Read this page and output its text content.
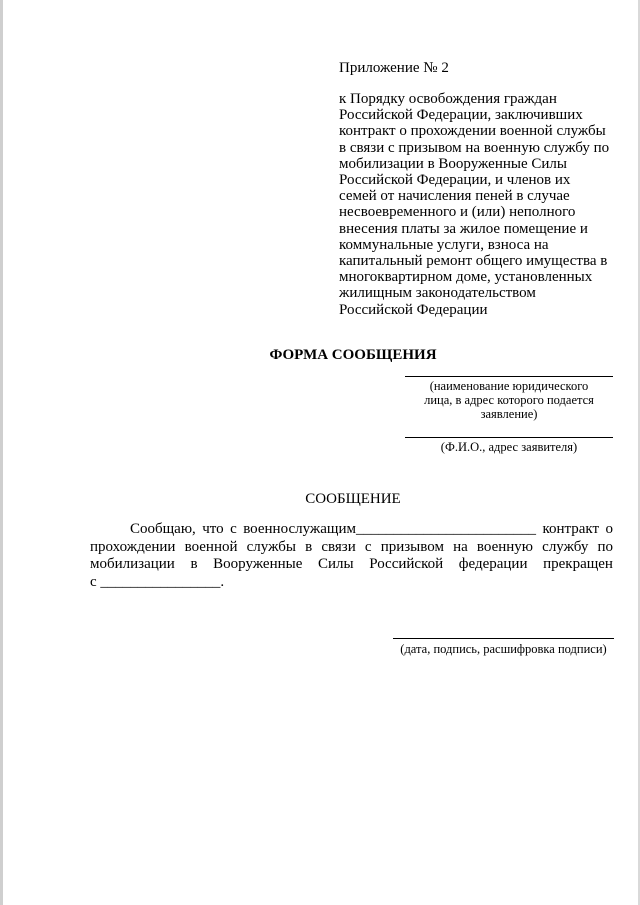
Приложение № 2
к Порядку освобождения граждан
Российской Федерации, заключивших
контракт о прохождении военной службы
в связи с призывом на военную службу по
мобилизации в Вооруженные Силы
Российской Федерации, и членов их
семей от начисления пеней в случае
несвоевременного и (или) неполного
внесения платы за жилое помещение и
коммунальные услуги, взноса на
капитальный ремонт общего имущества в
многоквартирном доме, установленных
жилищным законодательством
Российской Федерации
ФОРМА СООБЩЕНИЯ
(наименование юридического
лица, в адрес которого подается
заявление)
(Ф.И.О., адрес заявителя)
СООБЩЕНИЕ
Сообщаю, что с военнослужащим________________________ контракт о
прохождении военной службы в связи с призывом на военную службу по
мобилизации в Вооруженные Силы Российской федерации прекращен
с ________________.
(дата, подпись, расшифровка подписи)
